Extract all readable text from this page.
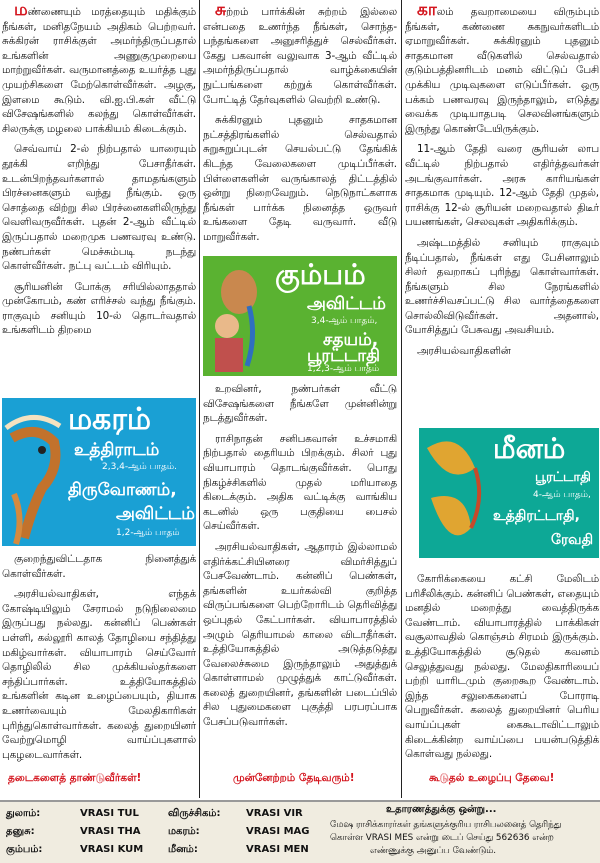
மண்ணையும் மரத்தையும் மதிக்கும் நீங்கள், மனிதநேயம் அதிகம் பெற்றவர். சுக்கிரன் ராசிக்குள் அமர்ந்திருப்பதால் உங்களின் அணுகுமுறையை மாற்றுவீர்கள். வருமானத்தை உயர்த்த புது முயற்சிகளை மேற்கொள்வீர்கள். அழகு, இளமை கூடும். வி.ஐ.பி.கள் வீட்டு விசேஷங்களில் கலந்து கொள்வீர்கள். சிலருக்கு மழலை பாக்கியம் கிடைக்கும்.

செவ்வாய் 2-ல் நிற்பதால் யாரையும் தூக்கி எறிந்து பேசாதீர்கள். உடன்பிறந்தவர்களால் தாமதங்களும் பிரச்னைகளும் வந்து நீங்கும். ஒரு சொத்தை விற்று சில பிரச்னைகளிலிருந்து வெளிவருவீர்கள். புதன் 2-ஆம் வீட்டில் இருப்பதால் மறைமுக பணவரவு உண்டு. நண்பர்கள் மெச்சும்படி நடந்து கொள்வீர்கள். நட்பு வட்டம் விரியும்.

சூரியனின் போக்கு சரியில்லாததால் முன்கோபம், கண் எரிச்சல் வந்து நீங்கும். ராகுவும் சனியும் 10-ல் தொடர்வதால் உங்களிடம் திறமை

மகரம்
உத்திராடம்
2,3,4-ஆம் பாதம்.
திருவோணம்,
அவிட்டம்
1,2-ஆம் பாதம்

குறைந்துவிட்டதாக நினைத்துக் கொள்வீர்கள்.

அரசியல்வாதிகள், எந்தக் கோஷ்டியிலும் சேராமல் நடுநிலைமை இருப்பது நல்லது. கன்னிப் பெண்கள் பள்ளி, கல்லூரி காலத் தோழியை சந்தித்து மகிழ்வார்கள். வியாபாரம் செய்வோர் தொழிலில் சில முக்கியஸ்தர்களை சந்திப்பார்கள். உத்தியோகத்தில் உங்களின் கடின உழைப்பையும், தியாக உணர்வையும் மேலதிகாரிகள் புரிந்துகொள்வார்கள். கலைத் துறையினர் வேற்றுமொழி வாய்ப்புகளால் புகழடைவார்கள்.

தடைகளைத் தாண்டுவீர்கள்!

சுற்றம் பார்க்கின் சுற்றம் இல்லை என்பதை உணர்ந்த நீங்கள், சொந்த-பந்தங்களை அனுசரித்துச் செல்வீர்கள். கேது பகவான் வலுவாக 3-ஆம் வீட்டில் அமர்ந்திருப்பதால் வாழ்க்கையின் நுட்பங்களை கற்றுக் கொள்வீர்கள். போட்டித் தேர்வுகளில் வெற்றி உண்டு.

சுக்கிரனும் புதனும் சாதகமான நட்சத்திரங்களில் செல்வதால் சுறுசுறுப்புடன் செயல்பட்டு தேங்கிக் கிடந்த வேலைகளை முடிப்பீர்கள். பிள்ளைகளின் வருங்காலத் திட்டத்தில் ஒன்று நிறைவேறும். நெடுநாட்களாக நீங்கள் பார்க்க நினைத்த ஒருவர் உங்களை தேடி வருவார். வீடு மாறுவீர்கள்.

கும்பம்
அவிட்டம்
3,4-ஆம் பாதம்,
சதயம்,
பூரட்டாதி
1,2,3-ஆம் பாதம்

உறவினர், நண்பர்கள் வீட்டு விசேஷங்களை நீங்களே முன்னின்று நடத்துவீர்கள்.

ராசிநாதன் சனிபகவான் உச்சமாகி நிற்பதால் தைரியம் பிறக்கும். சிலர் புது வியாபாரம் தொடங்குவீர்கள். பொது நிகழ்ச்சிகளில் முதல் மரியாதை கிடைக்கும். அதிக வட்டிக்கு வாங்கிய கடனில் ஒரு பகுதியை பைசல் செய்வீர்கள்.

அரசியல்வாதிகள், ஆதாரம் இல்லாமல் எதிர்க்கட்சியினரை விமர்சித்துப் பேசவேண்டாம். கன்னிப் பெண்கள், தங்களின் உயர்கல்வி குறித்த விருப்பங்களை பெற்றோரிடம் தெரிவித்து ஒப்புதல் கேட்பார்கள். வியாபாரத்தில் அழும் தெரியாமல் காலை விடாதீர்கள். உத்தியோகத்தில் அடுத்தடுத்து வேலைச்சுமை இருந்தாலும் அதுத்துக் கொள்ளாமல் முழுத்துக் காட்டுவீர்கள். கலைத் துறையினர், தங்களின் படைப்பில் சில புதுமைகளை புகுத்தி பரபரப்பாக பேசப்படுவார்கள்.

முன்னேற்றம் தேடிவரும்!

காலம் தவறாமையை விரும்பும் நீங்கள், கண்ணை சுகநுவர்களிடம் ஏமாறுவீர்கள். சுக்கிரனும் புதனும் சாதகமான வீடுகளில் செல்வதால் குடும்பத்தினரிடம் மனம் விட்டுப் பேசி முக்கிய முடிவுகளை எடுப்பீர்கள். ஒரு பக்கம் பணவரவு இருந்தாலும், எடுத்து வைக்க முடியாதபடி செலவினங்களும் இருந்து கொண்டேயிருக்கும்.

11-ஆம் தேதி வரை சூரியன் லாப வீட்டில் நிற்பதால் எதிர்த்தவர்கள் அடங்குவார்கள். அரசு காரியங்கள் சாதகமாக முடியும். 12-ஆம் தேதி முதல், ராசிக்கு 12-ல் சூரியன் மறைவதால் திடீர் பயணங்கள், செலவுகள் அதிகரிக்கும்.

அஷ்டமத்தில் சனியும் ராகுவும் நீடிப்பதால், நீங்கள் எது பேசினாலும் சிலர் தவறாகப் புரிந்து கொள்வார்கள். நீங்களும் சில நேரங்களில் உணர்ச்சிவசப்பட்டு சில வார்த்தைகளை சொல்லிவிடுவீர்கள். அதனால், யோசித்துப் பேசுவது அவசியம்.

அரசியல்வாதிகளின்

மீனம்
பூரட்டாதி
4-ஆம் பாதம்,
உத்திரட்டாதி,
ரேவதி

கோரிக்கையை கட்சி மேலிடம் பரிசீலிக்கும். கன்னிப் பெண்கள், எதையும் மனதில் மறைத்து வைத்திருக்க வேண்டாம். வியாபாரத்தில் பாக்கிகள் வசூலாவதில் கொஞ்சம் சிரமம் இருக்கும். உத்தியோகத்தில் சூடுதல் கவனம் செலுத்துவது நல்லது. மேலதிகாரியைப் பற்றி யாரிடமும் குறைகூற வேண்டாம். இந்த சலுகைகளைப் போராடி பெறுவீர்கள். கலைத் துறையினர் பெரிய வாய்ப்புகள் கைகூடாவிட்டாலும் கிடைக்கின்ற வாய்ப்பை பயன்படுத்திக் கொள்வது நல்லது.

கூடுதல் உழைப்பு தேவை!
துலாம்:	VRASI TUL	விருச்சிகம்:	VRASI VIR
தனுசு:	VRASI THA	மகரம்:	VRASI MAG
கும்பம்:	VRASI KUM மீனம்:	VRASI MEN
உதாரணத்துக்கு ஒன்று...
மேஷ ராசிக்காரர்கள் தங்களுக்குரிய ராசிபலனைத் தெரிந்து
கொள்ள VRASI MES என்று டைப் செய்து 562636 என்ற
எண்ணுக்கு அனுப்ப வேண்டும்.
